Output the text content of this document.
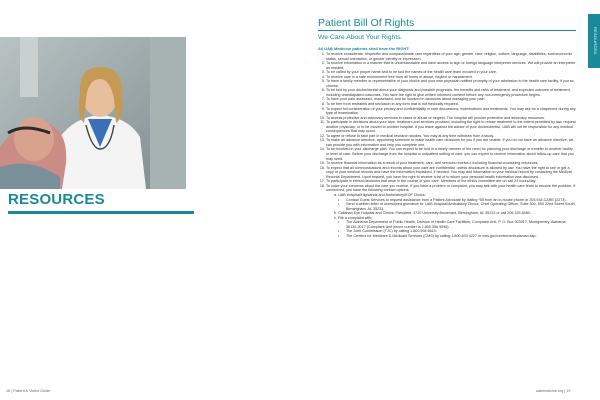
RESOURCES
16 | Patient & Visitor Guide
Patient Bill Of Rights
We Care About Your Rights.
All UAB Medicine patients shall have the RIGHT:
1. To receive considerate, respectful and compassionate care regardless of your age, gender, race, religion, culture, language, disabilities, socioeconomic status, sexual orientation, or gender identity or expression.
2. To receive information in a manner that is understandable and have access to sign or foreign language interpreter services. We will provide an interpreter as needed.
3. To be called by your proper name and to be told the names of the health care team involved in your care.
4. To receive care in a safe environment free from all forms of abuse, neglect or harassment.
5. To have a family member or representative of your choice and your own physician notified promptly of your admission to the health care facility, if you so choose.
6. To be told by your doctor/dentist about your diagnosis and possible prognosis, the benefits and risks of treatment, and expected outcome of treatment, including unanticipated outcomes. You have the right to give written informed consent before any non-emergency procedure begins.
7. To have your pain assessed, reassessed, and be involved in decisions about managing your pain.
8. To be free from restraints and seclusion in any form that is not medically required.
9. To expect full consideration of your privacy and confidentiality in care discussions, examinations and treatments. You may ask for a chaperone during any type of examination.
10. To access protective and advocacy services in cases of abuse or neglect. The hospital will provide protective and advocacy resources.
11. To participate in decisions about your care, treatment and services provided, including the right to refuse treatment to the extent permitted by law, request another physician, or to be moved to another hospital. If you leave against the advice of your doctor/dentist, UAB will not be responsible for any medical consequences that may occur.
12. To agree or refuse to take part in medical research studies. You may at any time withdraw from a study.
13. To make an advance directive, appointing someone to make health care decisions for you if you are unable. If you do not have an advance directive, we can provide you with information and help you complete one.
14. To be involved in your discharge plan. You can expect to be told in a timely manner of the need for planning your discharge or transfer to another facility or level of care. Before your discharge from the hospital or outpatient setting of care, you can expect to receive information about follow-up care that you may need.
15. To receive financial information as a result of your treatment, care, and services received, including financial counseling resources.
16. To expect that all communications and records about your care are confidential, unless disclosure is allowed by law. You have the right to see or get a copy of your medical records and have the information explained, if needed. You may add information to your medical record by contacting the Medical Records Department. Upon request, you have the right to receive a list of to whom your personal health information was disclosed.
17. To participate in ethical decisions that arise in the course of your care. Members of the ethics committee are on call 24 hours/day.
18. To voice your concerns about the care you receive. If you have a problem or complaint, you may talk with your health care team to resolve the problem. If unresolved, you have the following contact options:
a. UAB Hospital/Highlands and Ambulatory/KOF Clinics:
• Contact Guest Services to request assistance from a Patient Advocate by dialing *55 from an in-house phone or 205.934.CARE (2273).
• Send a written letter of unresolved grievance to: UAB Hospital/Ambulatory Clinics, Chief Operating Officer, Suite 500, 500 22nd Street South, Birmingham, AL 35233.
b. Callahan Eye Hospital and Clinics: President, 1720 University Boulevard, Birmingham, AL 35233 or call 205.325.8380.
c. File a complaint with:
• The Alabama Department of Public Health, Division of Health Care Facilities, Complaint Unit, P. O. Box 303017, Montgomery, Alabama 36130-3017 (Complaint Unit phone number is 1.800.356.9596).
• The Joint Commission (TJC) by calling 1.800.994.6610.
• The Centers for Medicare & Medicaid Services (CMS) by calling 1.800.633.4227 or cms.gov/center/ombudsman.asp.
RESOURCES
uabmedicine.org | 19
